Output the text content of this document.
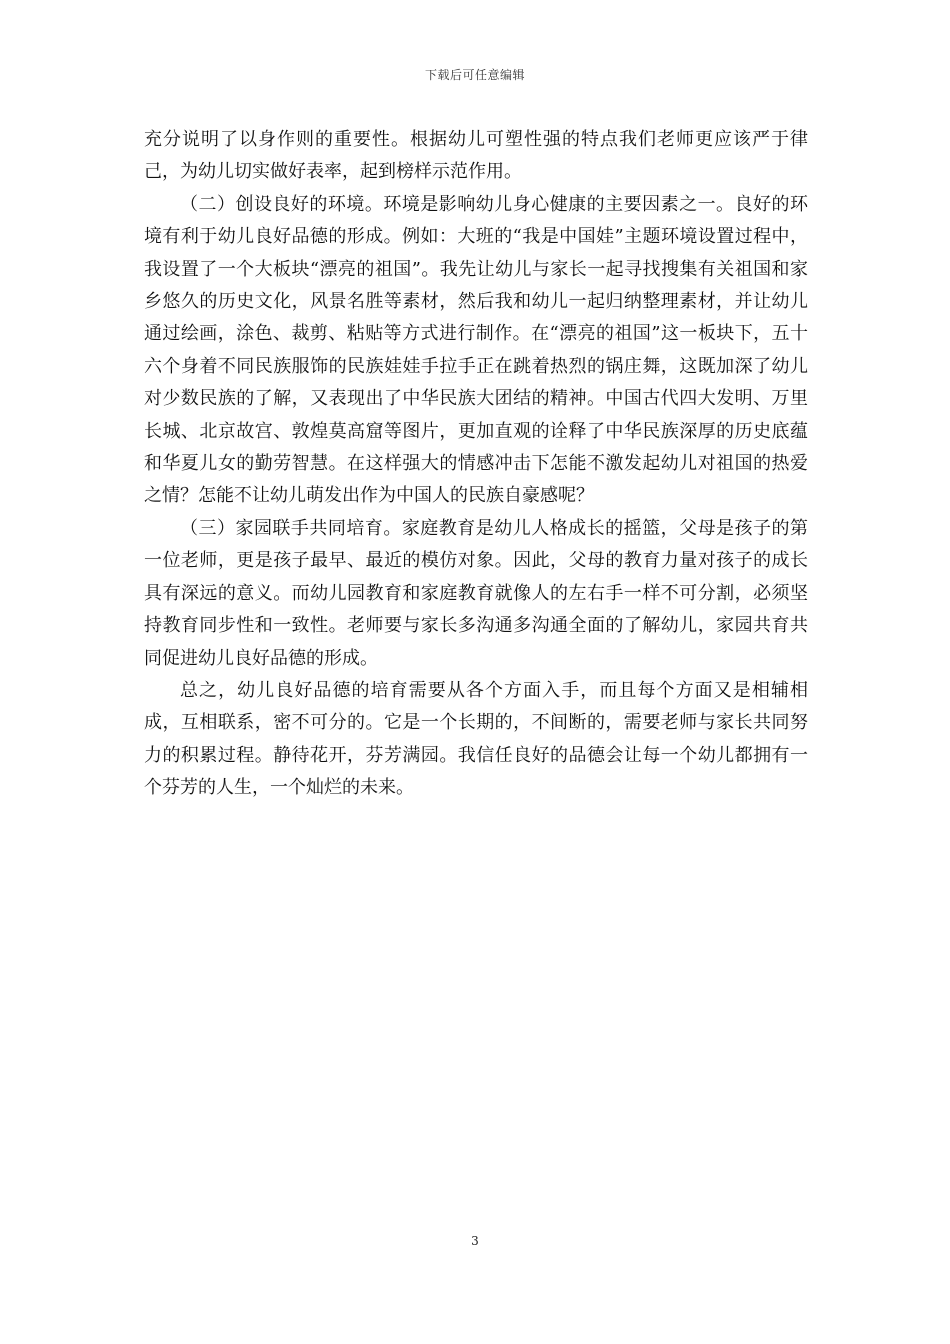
下载后可任意编辑

充分说明了以身作则的重要性。根据幼儿可塑性强的特点我们老师更应该严于律己，为幼儿切实做好表率，起到榜样示范作用。

（二）创设良好的环境。环境是影响幼儿身心健康的主要因素之一。良好的环境有利于幼儿良好品德的形成。例如：大班的“我是中国娃”主题环境设置过程中，我设置了一个大板块“漂亮的祖国”。我先让幼儿与家长一起寻找搜集有关祖国和家乡悠久的历史文化，风景名胜等素材，然后我和幼儿一起归纳整理素材，并让幼儿通过绘画，涂色、裁剪、粘贴等方式进行制作。在“漂亮的祖国”这一板块下，五十六个身着不同民族服饰的民族娃娃手拉手正在跳着热烈的锅庄舞，这既加深了幼儿对少数民族的了解，又表现出了中华民族大团结的精神。中国古代四大发明、万里长城、北京故宫、敦煌莫高窟等图片，更加直观的诠释了中华民族深厚的历史底蕴和华夏儿女的勤劳智慧。在这样强大的情感冲击下怎能不激发起幼儿对祖国的热爱之情？怎能不让幼儿萌发出作为中国人的民族自豪感呢？

（三）家园联手共同培育。家庭教育是幼儿人格成长的摇篮，父母是孩子的第一位老师，更是孩子最早、最近的模仿对象。因此，父母的教育力量对孩子的成长具有深远的意义。而幼儿园教育和家庭教育就像人的左右手一样不可分割，必须坚持教育同步性和一致性。老师要与家长多沟通多沟通全面的了解幼儿，家园共育共同促进幼儿良好品德的形成。

总之，幼儿良好品德的培育需要从各个方面入手，而且每个方面又是相辅相成，互相联系，密不可分的。它是一个长期的，不间断的，需要老师与家长共同努力的积累过程。静待花开，芬芳满园。我信任良好的品德会让每一个幼儿都拥有一个芬芳的人生，一个灿烂的未来。

3
